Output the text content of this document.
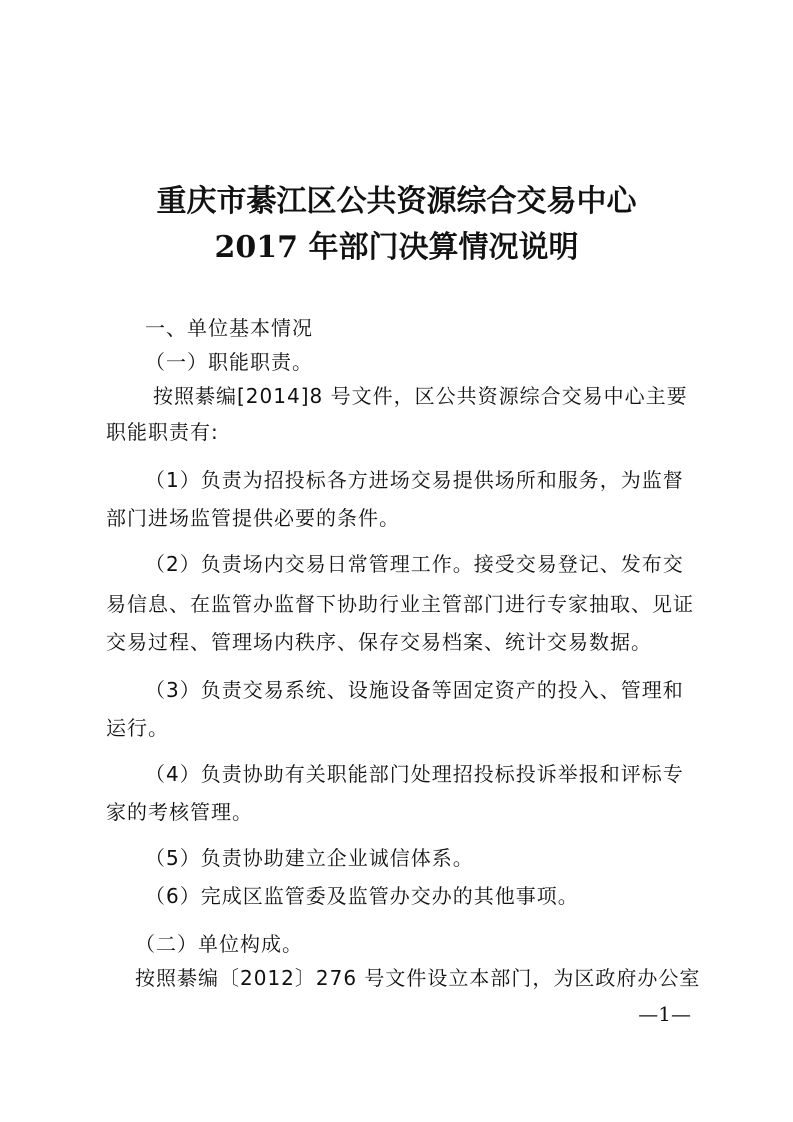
重庆市綦江区公共资源综合交易中心
2017 年部门决算情况说明
一、单位基本情况
（一）职能职责。
按照綦编[2014]8 号文件，区公共资源综合交易中心主要
职能职责有:
（1）负责为招投标各方进场交易提供场所和服务，为监督
部门进场监管提供必要的条件。
（2）负责场内交易日常管理工作。接受交易登记、发布交
易信息、在监管办监督下协助行业主管部门进行专家抽取、见证
交易过程、管理场内秩序、保存交易档案、统计交易数据。
（3）负责交易系统、设施设备等固定资产的投入、管理和
运行。
（4）负责协助有关职能部门处理招投标投诉举报和评标专
家的考核管理。
（5）负责协助建立企业诚信体系。
（6）完成区监管委及监管办交办的其他事项。
（二）单位构成。
按照綦编〔2012〕276 号文件设立本部门，为区政府办公室
—1—
